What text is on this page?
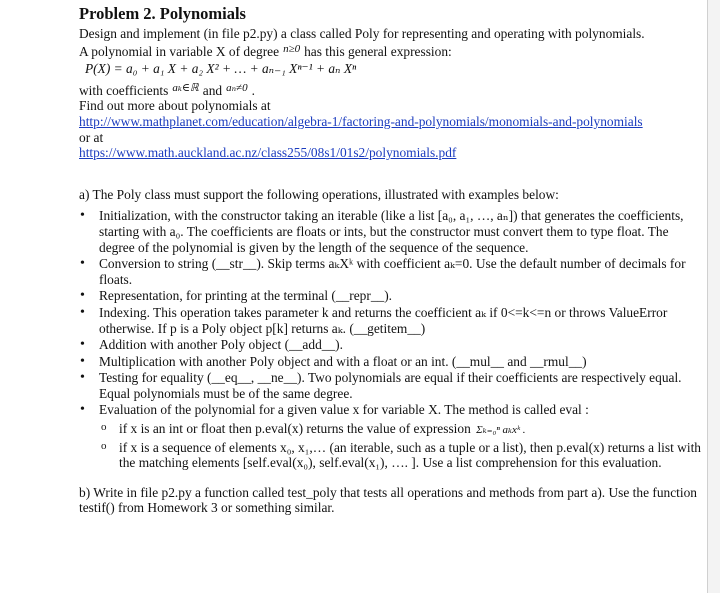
Problem 2. Polynomials

Design and implement (in file p2.py) a class called Poly for representing and operating with polynomials.

A polynomial in variable X of degree $^{n\ge 0}$ has this general expression:

P(X) = a₀ + a₁ X + a₂ X² + … + aₙ₋₁ Xⁿ⁻¹ + aₙ Xⁿ

with coefficients $^{a_k\in ℝ}$ and $^{a_n\ne 0}$ .

Find out more about polynomials at

http://www.mathplanet.com/education/algebra-1/factoring-and-polynomials/monomials-and-polynomials

or at

https://www.math.auckland.ac.nz/class255/08s1/01s2/polynomials.pdf

a) The Poly class must support the following operations, illustrated with examples below:

• Initialization, with the constructor taking an iterable (like a list [a₀, a₁, …, aₙ]) that generates the coefficients, starting with a₀. The coefficients are floats or ints, but the constructor must convert them to type float. The degree of the polynomial is given by the length of the sequence of the sequence.
• Conversion to string (__str__). Skip terms aₖXᵏ with coefficient aₖ=0. Use the default number of decimals for floats.
• Representation, for printing at the terminal (__repr__).
• Indexing. This operation takes parameter k and returns the coefficient aₖ if 0<=k<=n or throws ValueError otherwise. If p is a Poly object p[k] returns aₖ. (__getitem__)
• Addition with another Poly object (__add__).
• Multiplication with another Poly object and with a float or an int. (__mul__ and __rmul__)
• Testing for equality (__eq__, __ne__). Two polynomials are equal if their coefficients are respectively equal. Equal polynomials must be of the same degree.
• Evaluation of the polynomial for a given value x for variable X. The method is called eval :
o if x is an int or float then p.eval(x) returns the value of expression Σₖ₌₀ⁿ aₖxᵏ .
o if x is a sequence of elements x₀, x₁,… (an iterable, such as a tuple or a list), then p.eval(x) returns a list with the matching elements [self.eval(x₀), self.eval(x₁), …. ]. Use a list comprehension for this evaluation.

b) Write in file p2.py a function called test_poly that tests all operations and methods from part a). Use the function testif() from Homework 3 or something similar.
